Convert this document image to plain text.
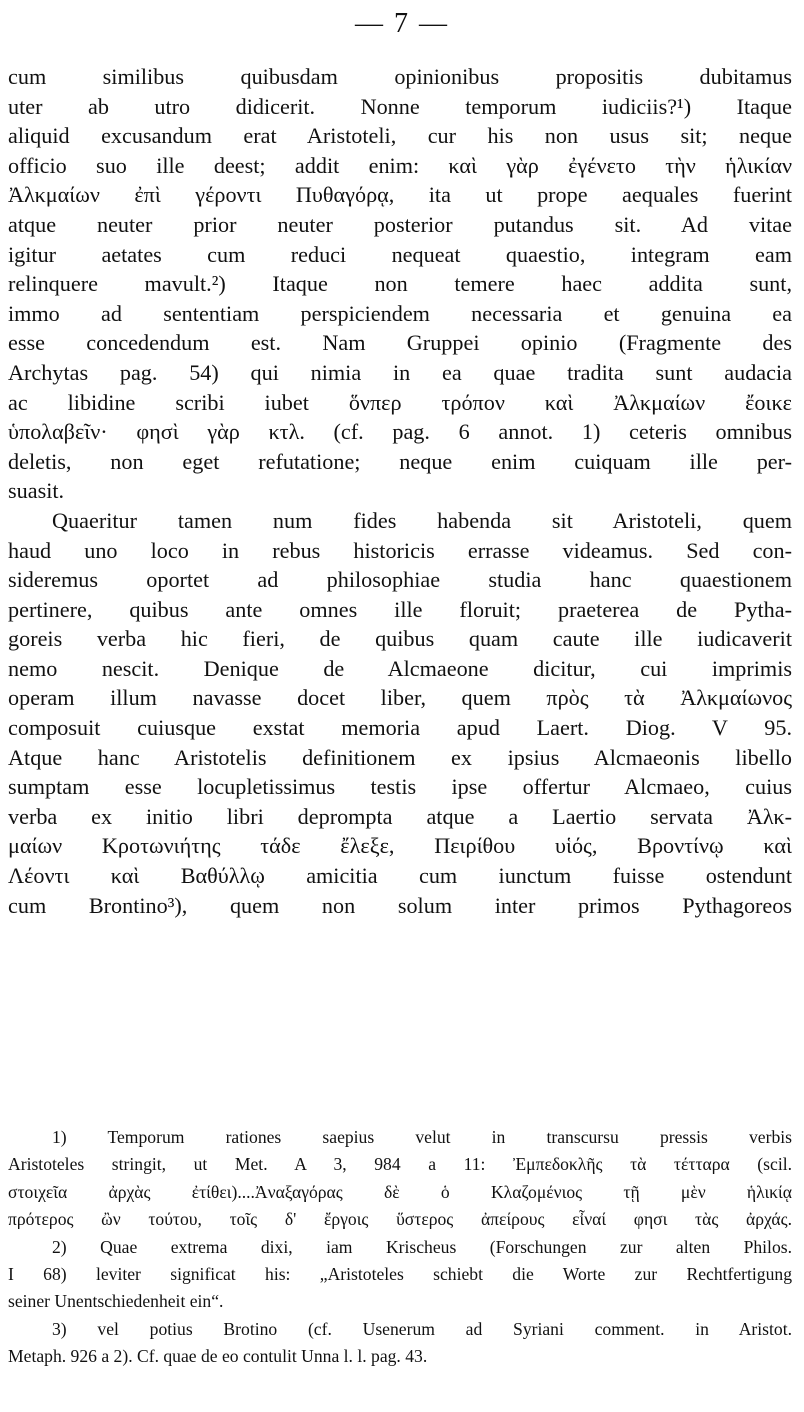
— 7 —
cum similibus quibusdam opinionibus propositis dubitamus
uter ab utro didicerit. Nonne temporum iudiciis?¹) Itaque
aliquid excusandum erat Aristoteli, cur his non usus sit; neque
officio suo ille deest; addit enim: καὶ γὰρ ἐγένετο τὴν ἡλικίαν
Ἀλκμαίων ἐπὶ γέροντι Πυθαγόρᾳ, ita ut prope aequales fuerint
atque neuter prior neuter posterior putandus sit. Ad vitae
igitur aetates cum reduci nequeat quaestio, integram eam
relinquere mavult.²) Itaque non temere haec addita sunt,
immo ad sententiam perspiciendem necessaria et genuina ea
esse concedendum est. Nam Gruppei opinio (Fragmente des
Archytas pag. 54) qui nimia in ea quae tradita sunt audacia
ac libidine scribi iubet ὅνπερ τρόπον καὶ Ἀλκμαίων ἔοικε
ὑπολαβεῖν· φησὶ γὰρ κτλ. (cf. pag. 6 annot. 1) ceteris omnibus
deletis, non eget refutatione; neque enim cuiquam ille per-
suasit.
Quaeritur tamen num fides habenda sit Aristoteli, quem
haud uno loco in rebus historicis errasse videamus. Sed con-
sideremus oportet ad philosophiae studia hanc quaestionem
pertinere, quibus ante omnes ille floruit; praeterea de Pytha-
goreis verba hic fieri, de quibus quam caute ille iudicaverit
nemo nescit. Denique de Alcmaeone dicitur, cui imprimis
operam illum navasse docet liber, quem πρὸς τὰ Ἀλκμαίωνος
composuit cuiusque exstat memoria apud Laert. Diog. V 95.
Atque hanc Aristotelis definitionem ex ipsius Alcmaeonis libello
sumptam esse locupletissimus testis ipse offertur Alcmaeo, cuius
verba ex initio libri deprompta atque a Laertio servata Ἀλκ-
μαίων Κροτωνιήτης τάδε ἔλεξε, Πειρίθου υἱός, Βροντίνῳ καὶ
Λέοντι καὶ Βαθύλλῳ amicitia cum iunctum fuisse ostendunt
cum Brontino³), quem non solum inter primos Pythagoreos
1) Temporum rationes saepius velut in transcursu pressis verbis
Aristoteles stringit, ut Met. A 3, 984 a 11: Ἐμπεδοκλῆς τὰ τέτταρα (scil.
στοιχεῖα ἀρχὰς ἐτίθει)....Ἀναξαγόρας δὲ ὁ Κλαζομένιος τῇ μὲν ἡλικίᾳ
πρότερος ὢν τούτου, τοῖς δ' ἔργοις ὕστερος ἀπείρους εἶναί φησι τὰς ἀρχάς.
2) Quae extrema dixi, iam Krischeus (Forschungen zur alten Philos.
I 68) leviter significat his: „Aristoteles schiebt die Worte zur Rechtfertigung
seiner Unentschiedenheit ein“.
3) vel potius Brotino (cf. Usenerum ad Syriani comment. in Aristot.
Metaph. 926 a 2). Cf. quae de eo contulit Unna l. l. pag. 43.
